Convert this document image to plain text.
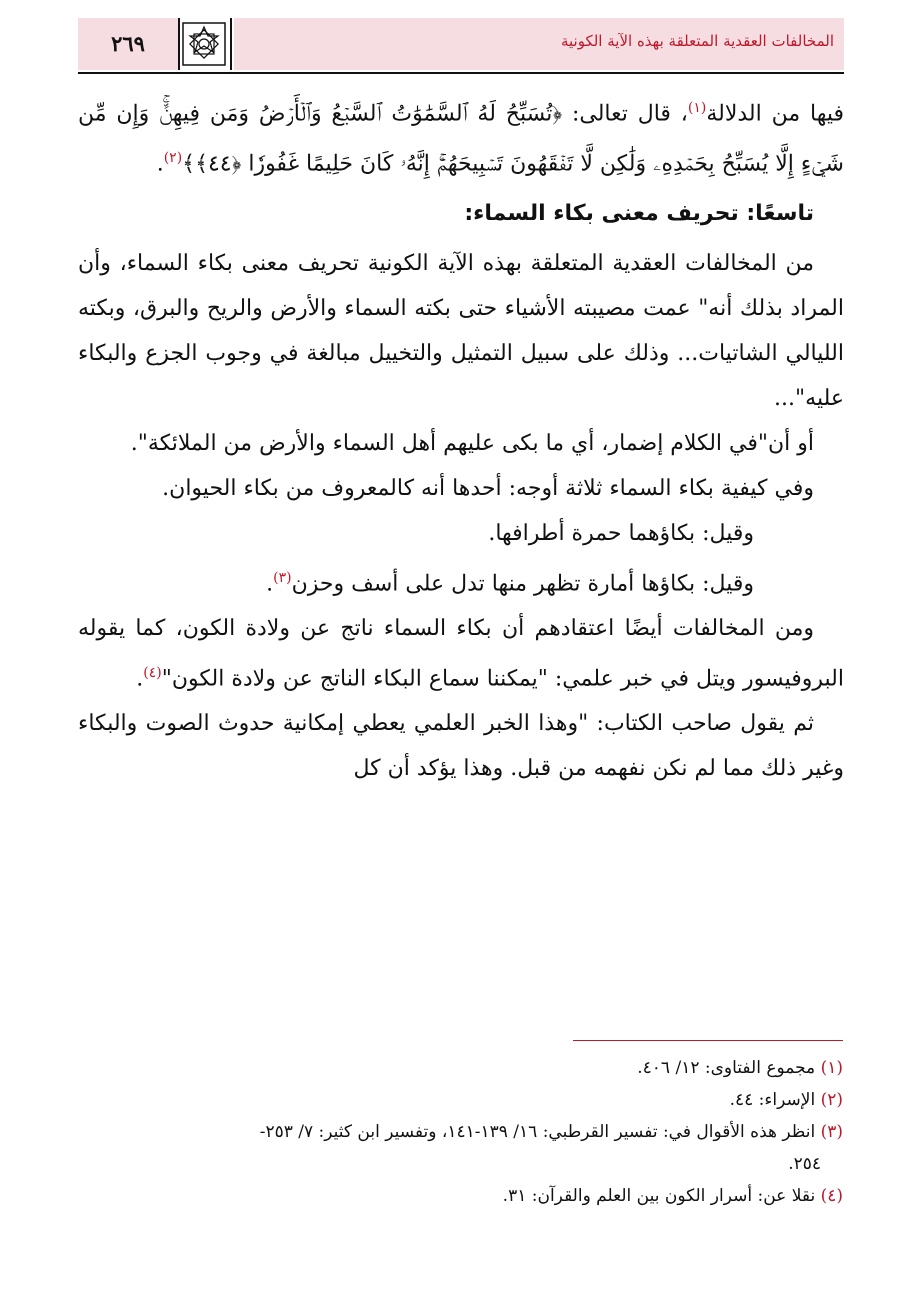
المخالفات العقدية المتعلقة بهذه الآية الكونية
٢٦٩

فيها من الدلالة$^{(١)}$، قال تعالى: ﴿تُسَبِّحُ لَهُ ٱلسَّمَٰوَٰتُ ٱلسَّبۡعُ وَٱلۡأَرۡضُ وَمَن فِيهِنَّۚ وَإِن مِّن شَيۡءٍ إِلَّا يُسَبِّحُ بِحَمۡدِهِۦ وَلَٰكِن لَّا تَفۡقَهُونَ تَسۡبِيحَهُمۡۚ إِنَّهُۥ كَانَ حَلِيمًا غَفُورٗا ﴿٤٤﴾﴾$^{(٢)}$.

تاسعًا: تحريف معنى بكاء السماء:

من المخالفات العقدية المتعلقة بهذه الآية الكونية تحريف معنى بكاء السماء، وأن المراد بذلك أنه" عمت مصيبته الأشياء حتى بكته السماء والأرض والريح والبرق، وبكته الليالي الشاتيات... وذلك على سبيل التمثيل والتخييل مبالغة في وجوب الجزع والبكاء عليه"...

أو أن"في الكلام إضمار، أي ما بكى عليهم أهل السماء والأرض من الملائكة".

وفي كيفية بكاء السماء ثلاثة أوجه: أحدها أنه كالمعروف من بكاء الحيوان.

وقيل: بكاؤهما حمرة أطرافها.

وقيل: بكاؤها أمارة تظهر منها تدل على أسف وحزن$^{(٣)}$.

ومن المخالفات أيضًا اعتقادهم أن بكاء السماء ناتج عن ولادة الكون، كما يقوله البروفيسور ويتل في خبر علمي: "يمكننا سماع البكاء الناتج عن ولادة الكون"$^{(٤)}$.

ثم يقول صاحب الكتاب: "وهذا الخبر العلمي يعطي إمكانية حدوث الصوت والبكاء وغير ذلك مما لم نكن نفهمه من قبل. وهذا يؤكد أن كل

(١) مجموع الفتاوى: ١٢/ ٤٠٦.
(٢) الإسراء: ٤٤.
(٣) انظر هذه الأقوال في: تفسير القرطبي: ١٦/ ١٣٩-١٤١، وتفسير ابن كثير: ٧/ ٢٥٣-
٢٥٤.
(٤) نقلا عن: أسرار الكون بين العلم والقرآن: ٣١.
